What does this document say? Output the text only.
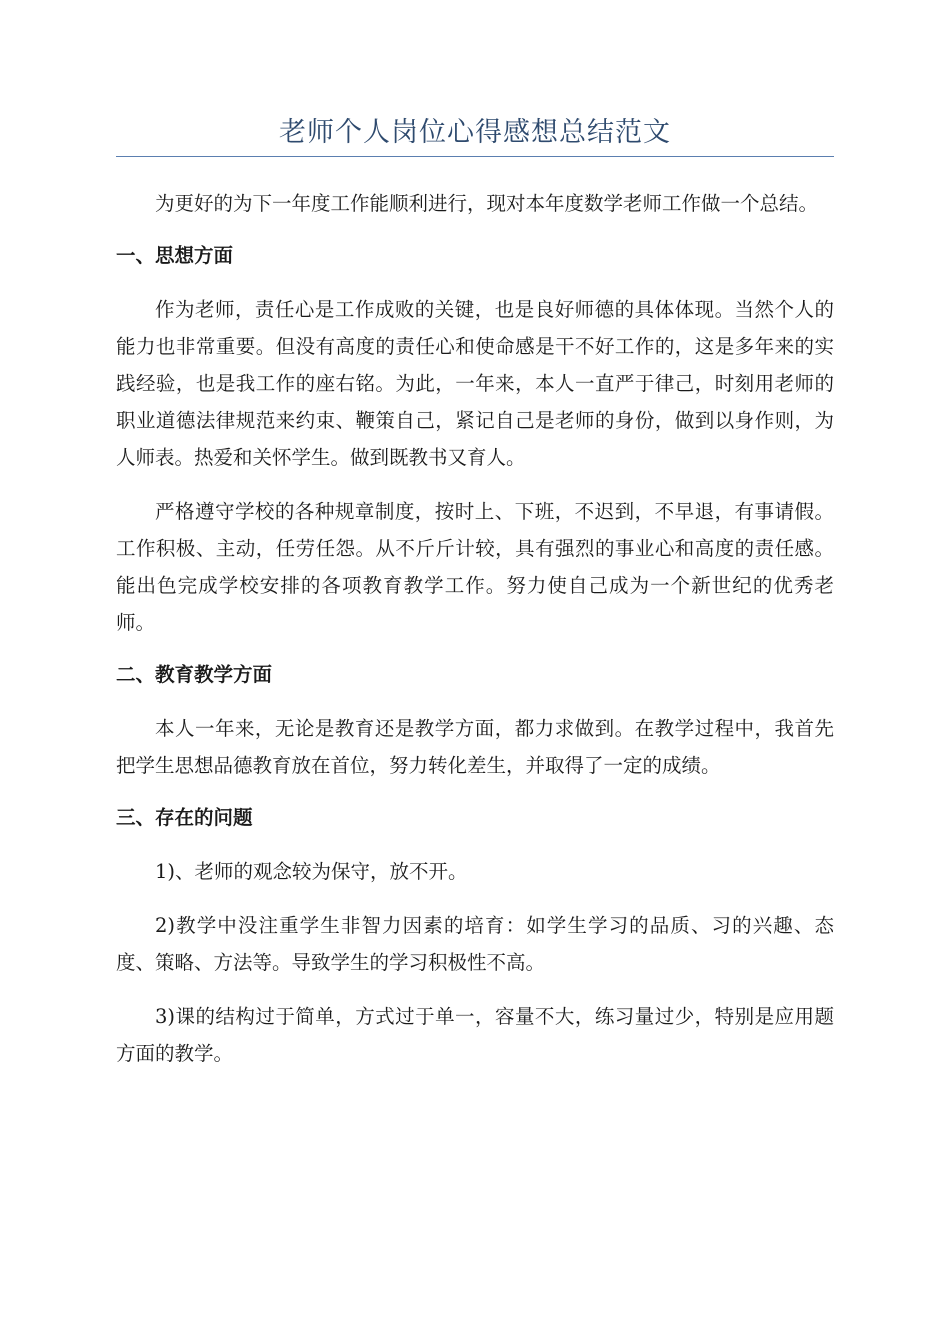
老师个人岗位心得感想总结范文

为更好的为下一年度工作能顺利进行，现对本年度数学老师工作做一个总结。

一、思想方面

作为老师，责任心是工作成败的关键，也是良好师德的具体体现。当然个人的能力也非常重要。但没有高度的责任心和使命感是干不好工作的，这是多年来的实践经验，也是我工作的座右铭。为此，一年来，本人一直严于律己，时刻用老师的职业道德法律规范来约束、鞭策自己，紧记自己是老师的身份，做到以身作则，为人师表。热爱和关怀学生。做到既教书又育人。

严格遵守学校的各种规章制度，按时上、下班，不迟到，不早退，有事请假。工作积极、主动，任劳任怨。从不斤斤计较，具有强烈的事业心和高度的责任感。能出色完成学校安排的各项教育教学工作。努力使自己成为一个新世纪的优秀老师。

二、教育教学方面

本人一年来，无论是教育还是教学方面，都力求做到。在教学过程中，我首先把学生思想品德教育放在首位，努力转化差生，并取得了一定的成绩。

三、存在的问题

1)、老师的观念较为保守，放不开。

2)教学中没注重学生非智力因素的培育：如学生学习的品质、习的兴趣、态度、策略、方法等。导致学生的学习积极性不高。

3)课的结构过于简单，方式过于单一，容量不大，练习量过少，特别是应用题方面的教学。
